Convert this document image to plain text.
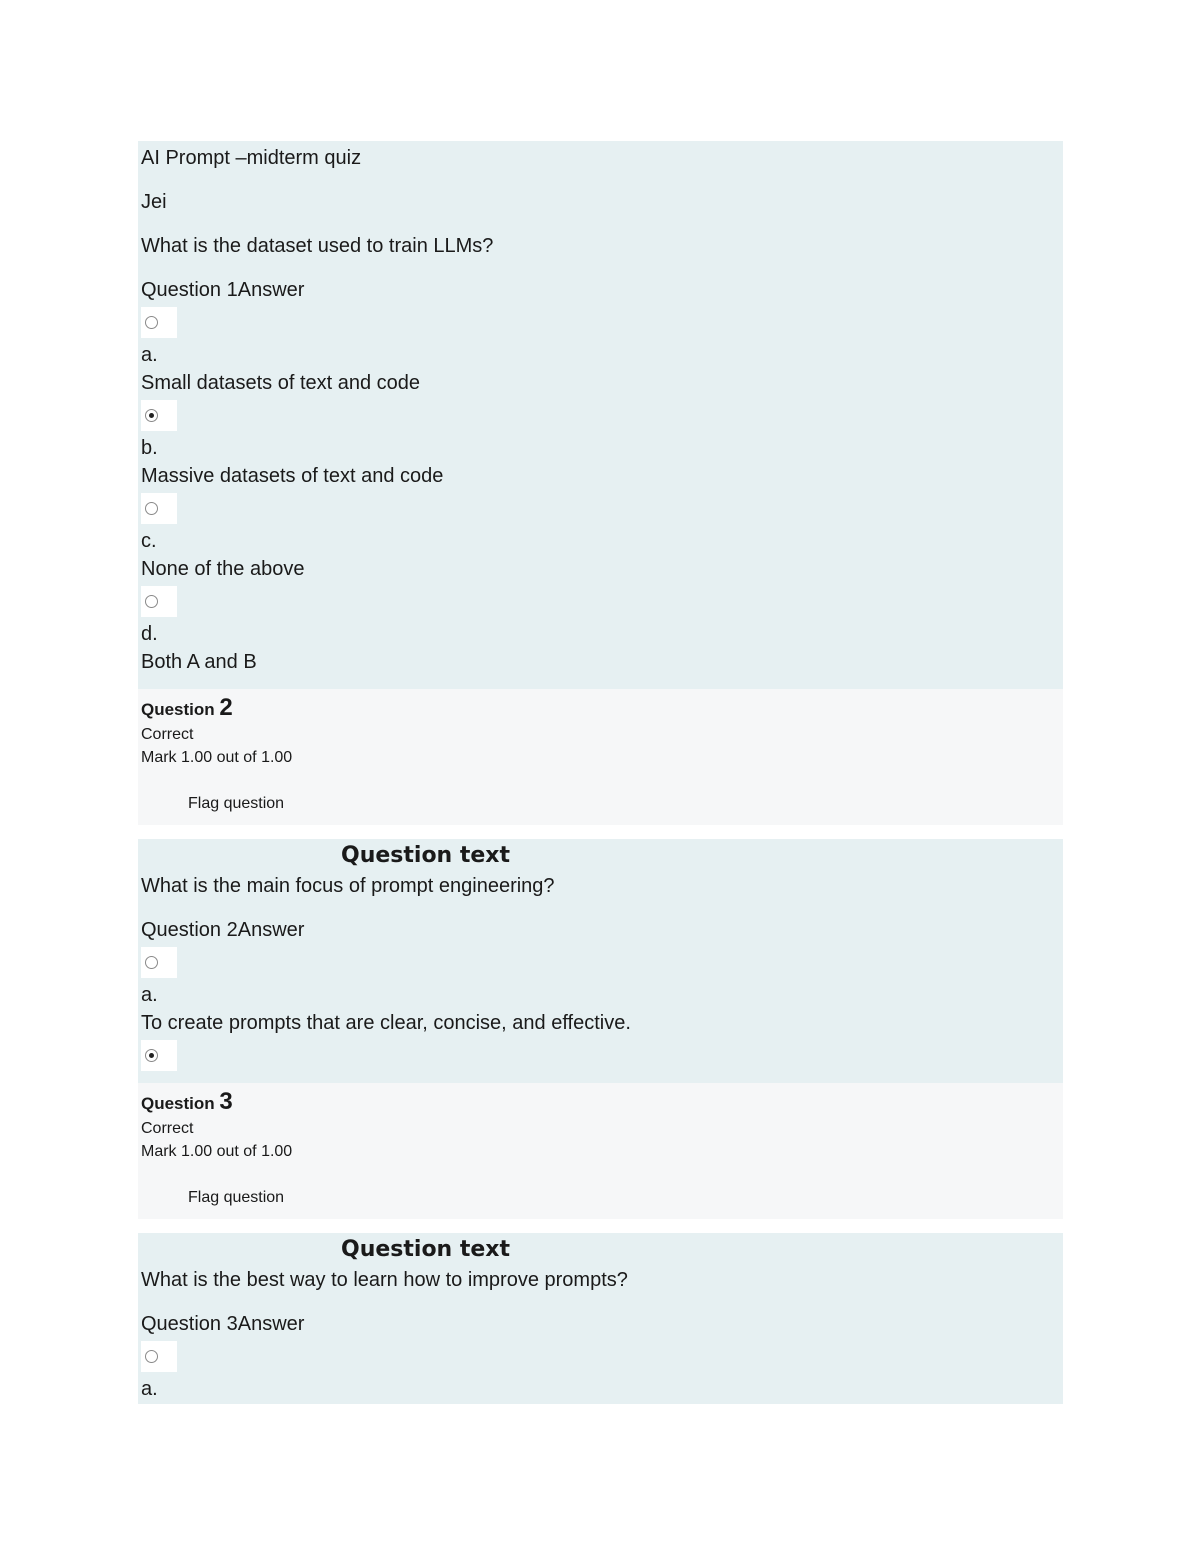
AI Prompt –midterm quiz
Jei
What is the dataset used to train LLMs?
Question 1Answer
a.
Small datasets of text and code
b.
Massive datasets of text and code
c.
None of the above
d.
Both A and B
Question 2
Correct
Mark 1.00 out of 1.00
Flag question
Question text
What is the main focus of prompt engineering?
Question 2Answer
a.
To create prompts that are clear, concise, and effective.
Question 3
Correct
Mark 1.00 out of 1.00
Flag question
Question text
What is the best way to learn how to improve prompts?
Question 3Answer
a.
